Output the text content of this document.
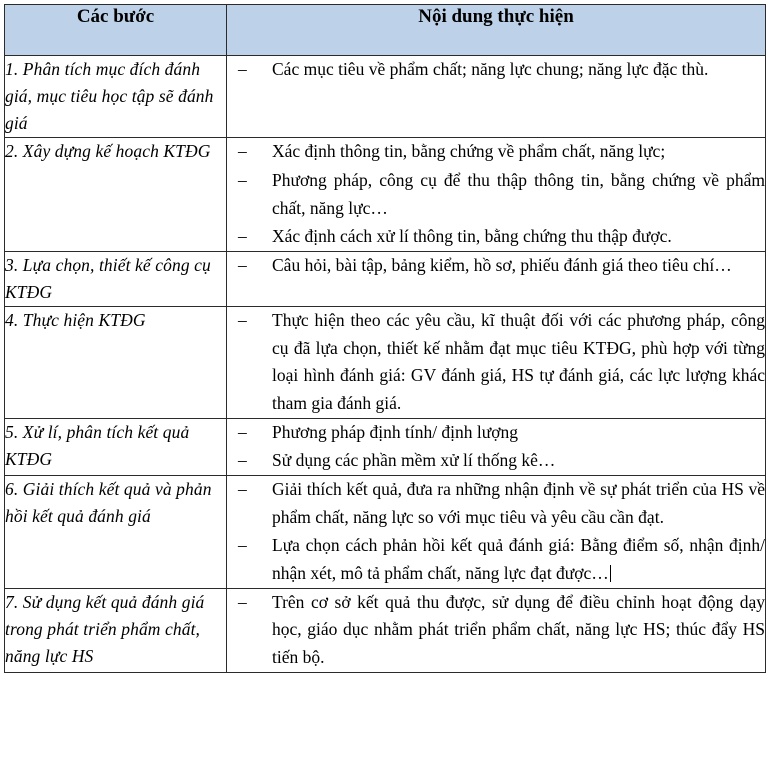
Các bước	Nội dung thực hiện
1. Phân tích mục đích đánh giá, mục tiêu học tập sẽ đánh giá	
–	Các mục tiêu về phẩm chất; năng lực chung; năng lực đặc thù.

2. Xây dựng kế hoạch KTĐG	–	Xác định thông tin, bằng chứng về phẩm chất, năng lực;
–	Phương pháp, công cụ để thu thập thông tin, bằng chứng về phẩm chất, năng lực…
–	Xác định cách xử lí thông tin, bằng chứng thu thập được.

3. Lựa chọn, thiết kế công cụ KTĐG	
–	Câu hỏi, bài tập, bảng kiểm, hồ sơ, phiếu đánh giá theo tiêu chí…

4. Thực hiện KTĐG	–	Thực hiện theo các yêu cầu, kĩ thuật đối với các phương pháp, công cụ đã lựa chọn, thiết kế nhằm đạt mục tiêu KTĐG, phù hợp với từng loại hình đánh giá: GV đánh giá, HS tự đánh giá, các lực lượng khác tham gia đánh giá.

5. Xử lí, phân tích kết quả KTĐG	
–	Phương pháp định tính/ định lượng
–	Sử dụng các phần mềm xử lí thống kê…

6. Giải thích kết quả và phản hồi kết quả đánh giá	
–	Giải thích kết quả, đưa ra những nhận định về sự phát triển của HS về phẩm chất, năng lực so với mục tiêu và yêu cầu cần đạt.
–	Lựa chọn cách phản hồi kết quả đánh giá: Bằng điểm số, nhận định/ nhận xét, mô tả phẩm chất, năng lực đạt được…

7. Sử dụng kết quả đánh giá trong phát triển phẩm chất, năng lực HS	
–	Trên cơ sở kết quả thu được, sử dụng để điều chỉnh hoạt động dạy học, giáo dục nhằm phát triển phẩm chất, năng lực HS; thúc đẩy HS tiến bộ.
